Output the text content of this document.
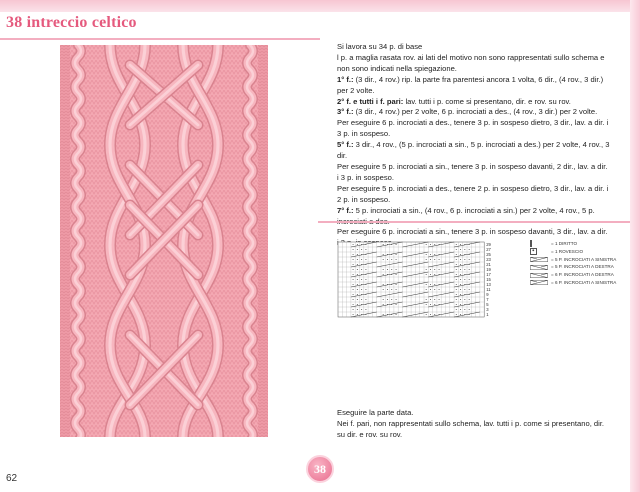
38 intreccio celtico

Si lavora su 34 p. di base

l p. a maglia rasata rov. ai lati del motivo non sono rappresentati sullo schema e non sono indicati nella spiegazione.

1° f.: (3 dir., 4 rov.) rip. la parte fra parentesi ancora 1 volta, 6 dir., (4 rov., 3 dir.) per 2 volte.

2° f. e tutti i f. pari: lav. tutti i p. come si presentano, dir. e rov. su rov.

3° f.: (3 dir., 4 rov.) per 2 volte, 6 p. incrociati a des., (4 rov., 3 dir.) per 2 volte.

Per eseguire 6 p. incrociati a des., tenere 3 p. in sospeso dietro, 3 dir., lav. a dir. i 3 p. in sospeso.

5° f.: 3 dir., 4 rov., (5 p. incrociati a sin., 5 p. incrociati a des.) per 2 volte, 4 rov., 3 dir.

Per eseguire 5 p. incrociati a sin., tenere 3 p. in sospeso davanti, 2 dir., lav. a dir. i 3 p. in sospeso.

Per eseguire 5 p. incrociati a des., tenere 2 p. in sospeso dietro, 3 dir., lav. a dir. i 2 p. in sospeso.

7° f.: 5 p. incrociati a sin., (4 rov., 6 p. incrociati a sin.) per 2 volte, 4 rov., 5 p.

Per eseguire 6 p. incrociati a sin., tenere 3 p. in sospeso davanti, 3 dir., lav. a dir.

29
27
25
23
21
19
17
15
13
11
9
7
5
3
1
= 1 DIRITTO
= 1 ROVESCIO
= 5 P. INCROCIATI A SINISTRA
= 5 P. INCROCIATI A DESTRA
= 6 P. INCROCIATI A DESTRA
= 6 P. INCROCIATI A SINISTRA

Eseguire la parte data.

Nei f. pari, non rappresentati sullo schema, lav. tutti i p. come si presentano, dir. su dir. e rov. su rov.

62
38
